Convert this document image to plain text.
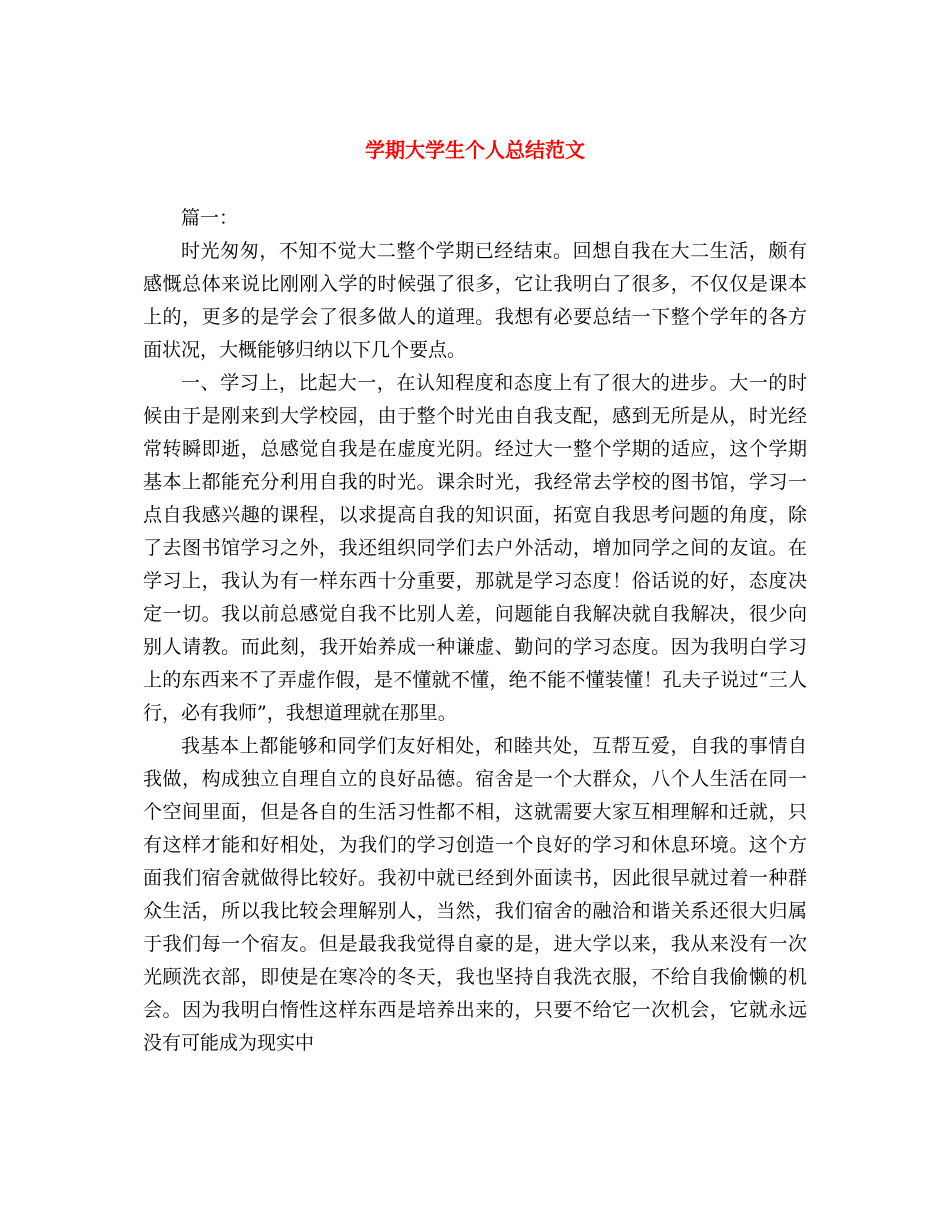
学期大学生个人总结范文

篇一：

时光匆匆，不知不觉大二整个学期已经结束。回想自我在大二生活，颇有感慨总体来说比刚刚入学的时候强了很多，它让我明白了很多，不仅仅是课本上的，更多的是学会了很多做人的道理。我想有必要总结一下整个学年的各方面状况，大概能够归纳以下几个要点。

一、学习上，比起大一，在认知程度和态度上有了很大的进步。大一的时候由于是刚来到大学校园，由于整个时光由自我支配，感到无所是从，时光经常转瞬即逝，总感觉自我是在虚度光阴。经过大一整个学期的适应，这个学期基本上都能充分利用自我的时光。课余时光，我经常去学校的图书馆，学习一点自我感兴趣的课程，以求提高自我的知识面，拓宽自我思考问题的角度，除了去图书馆学习之外，我还组织同学们去户外活动，增加同学之间的友谊。在学习上，我认为有一样东西十分重要，那就是学习态度！俗话说的好，态度决定一切。我以前总感觉自我不比别人差，问题能自我解决就自我解决，很少向别人请教。而此刻，我开始养成一种谦虚、勤问的学习态度。因为我明白学习上的东西来不了弄虚作假，是不懂就不懂，绝不能不懂装懂！孔夫子说过“三人行，必有我师”，我想道理就在那里。

我基本上都能够和同学们友好相处，和睦共处，互帮互爱，自我的事情自我做，构成独立自理自立的良好品德。宿舍是一个大群众，八个人生活在同一个空间里面，但是各自的生活习性都不相，这就需要大家互相理解和迁就，只有这样才能和好相处，为我们的学习创造一个良好的学习和休息环境。这个方面我们宿舍就做得比较好。我初中就已经到外面读书，因此很早就过着一种群众生活，所以我比较会理解别人，当然，我们宿舍的融洽和谐关系还很大归属于我们每一个宿友。但是最我我觉得自豪的是，进大学以来，我从来没有一次光顾洗衣部，即使是在寒冷的冬天，我也坚持自我洗衣服，不给自我偷懒的机会。因为我明白惰性这样东西是培养出来的，只要不给它一次机会，它就永远没有可能成为现实中
